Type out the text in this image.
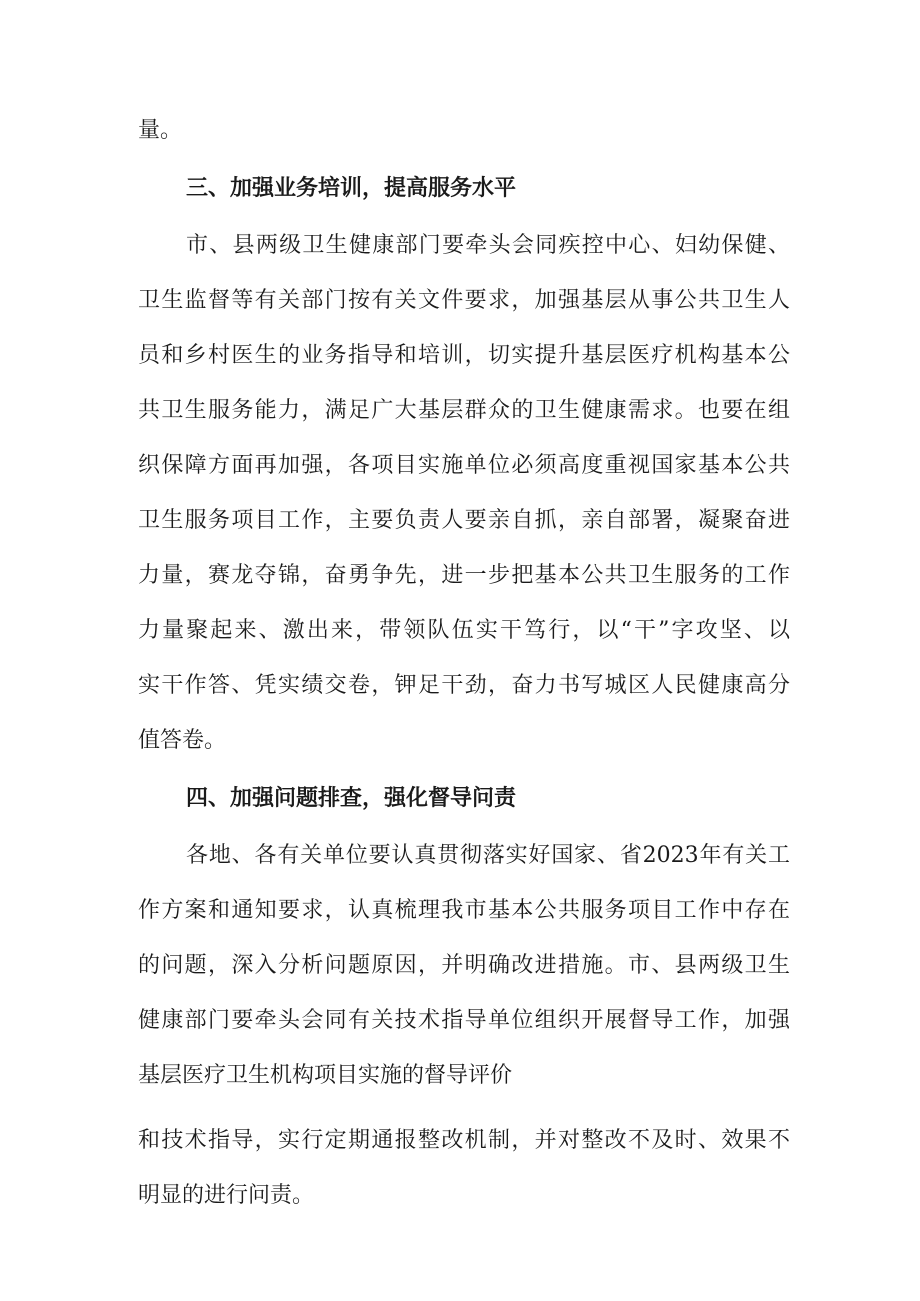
量。
三、加强业务培训，提高服务水平
市、县两级卫生健康部门要牵头会同疾控中心、妇幼保健、
卫生监督等有关部门按有关文件要求，加强基层从事公共卫生人
员和乡村医生的业务指导和培训，切实提升基层医疗机构基本公
共卫生服务能力，满足广大基层群众的卫生健康需求。也要在组
织保障方面再加强，各项目实施单位必须高度重视国家基本公共
卫生服务项目工作，主要负责人要亲自抓，亲自部署，凝聚奋进
力量，赛龙夺锦，奋勇争先，进一步把基本公共卫生服务的工作
力量聚起来、激出来，带领队伍实干笃行，以“干”字攻坚、以
实干作答、凭实绩交卷，钾足干劲，奋力书写城区人民健康高分
值答卷。
四、加强问题排查，强化督导问责
各地、各有关单位要认真贯彻落实好国家、省2023年有关工
作方案和通知要求，认真梳理我市基本公共服务项目工作中存在
的问题，深入分析问题原因，并明确改进措施。市、县两级卫生
健康部门要牵头会同有关技术指导单位组织开展督导工作，加强
基层医疗卫生机构项目实施的督导评价
和技术指导，实行定期通报整改机制，并对整改不及时、效果不
明显的进行问责。
